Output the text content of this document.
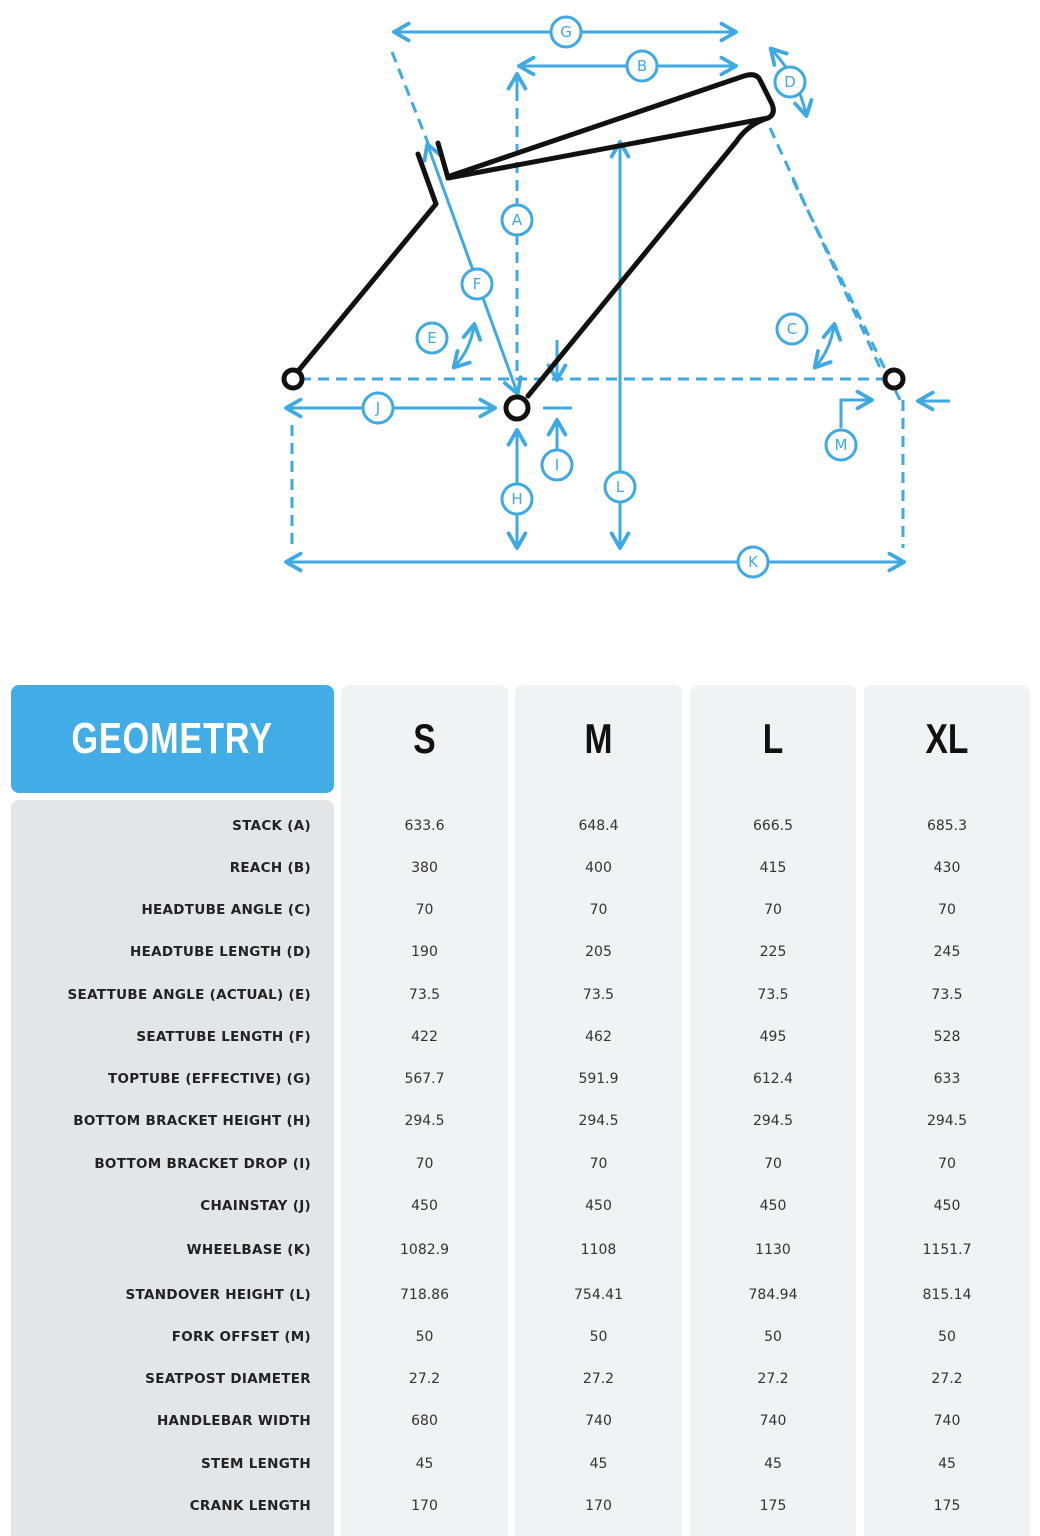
G
B
D
A
F
E	C
J
I
M
H
L
K
GEOMETRY
STACK (A)
REACH (B)
HEADTUBE ANGLE (C)
HEADTUBE LENGTH (D)
SEATTUBE ANGLE (ACTUAL) (E)
SEATTUBE LENGTH (F)
TOPTUBE (EFFECTIVE) (G)
BOTTOM BRACKET HEIGHT (H)
BOTTOM BRACKET DROP (I)
CHAINSTAY (J)
WHEELBASE (K)
STANDOVER HEIGHT (L)
FORK OFFSET (M)
SEATPOST DIAMETER
HANDLEBAR WIDTH
STEM LENGTH
CRANK LENGTH
S
633.6
380
70
190
73.5
422
567.7
294.5
70
450
1082.9
718.86
50
27.2
680
45
170
M
648.4
400
70
205
73.5
462
591.9
294.5
70
450
1108
754.41
50
27.2
740
45
170
L
666.5
415
70
225
73.5
495
612.4
294.5
70
450
1130
784.94
50
27.2
740
45
175
XL
685.3
430
70
245
73.5
528
633
294.5
70
450
1151.7
815.14
50
27.2
740
45
175
